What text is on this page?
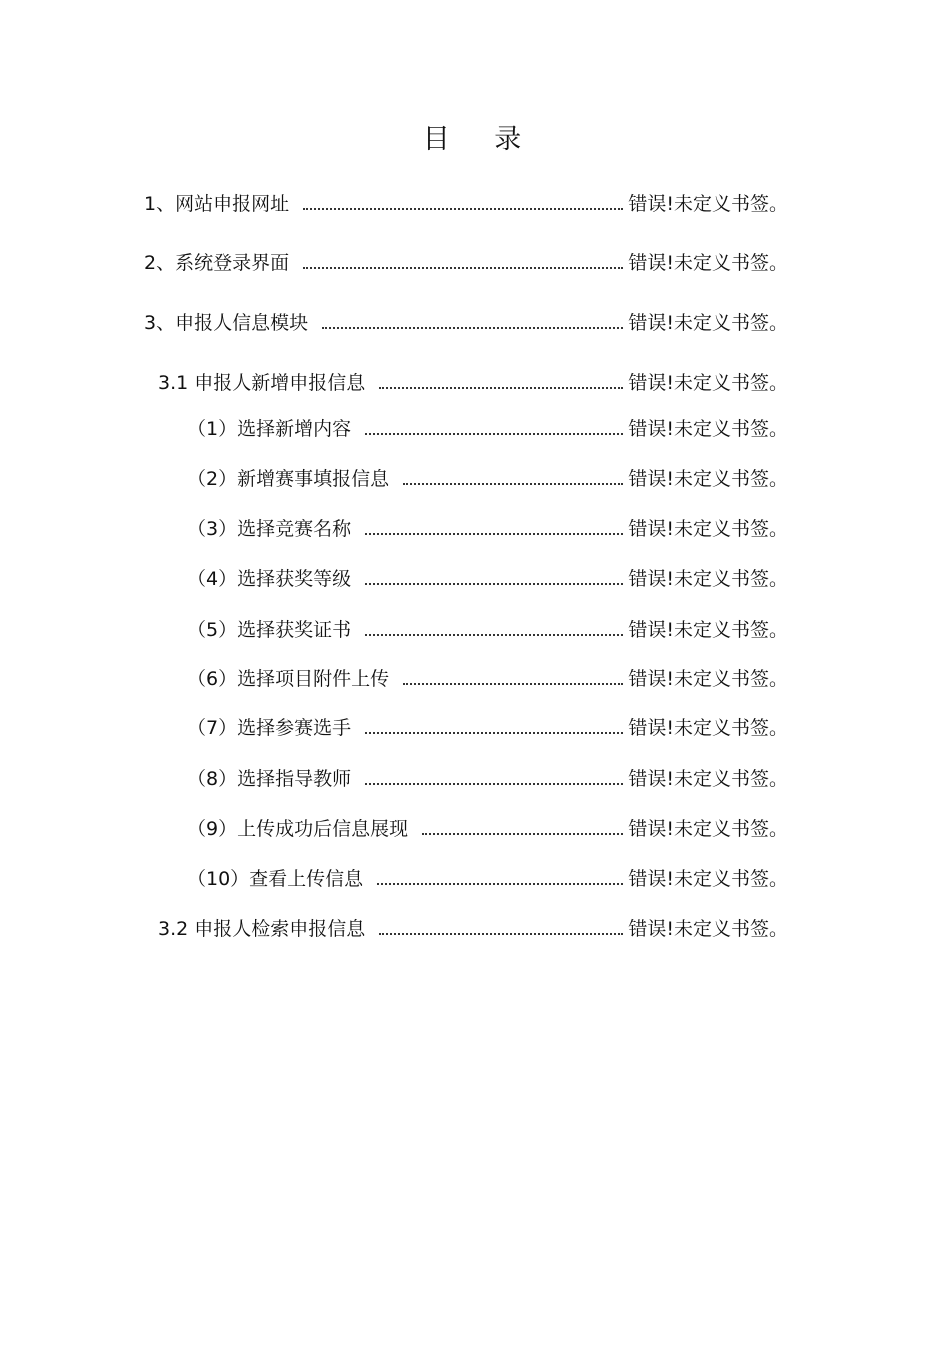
目 录
1、网站申报网址	错误!未定义书签。
2、系统登录界面	错误!未定义书签。
3、申报人信息模块	错误!未定义书签。
3.1 申报人新增申报信息	错误!未定义书签。
（1）选择新增内容	错误!未定义书签。
（2）新增赛事填报信息	错误!未定义书签。
（3）选择竞赛名称	错误!未定义书签。
（4）选择获奖等级	错误!未定义书签。
（5）选择获奖证书	错误!未定义书签。
（6）选择项目附件上传	错误!未定义书签。
（7）选择参赛选手	错误!未定义书签。
（8）选择指导教师	错误!未定义书签。
（9）上传成功后信息展现	错误!未定义书签。
（10）查看上传信息	错误!未定义书签。
3.2 申报人检索申报信息	错误!未定义书签。
